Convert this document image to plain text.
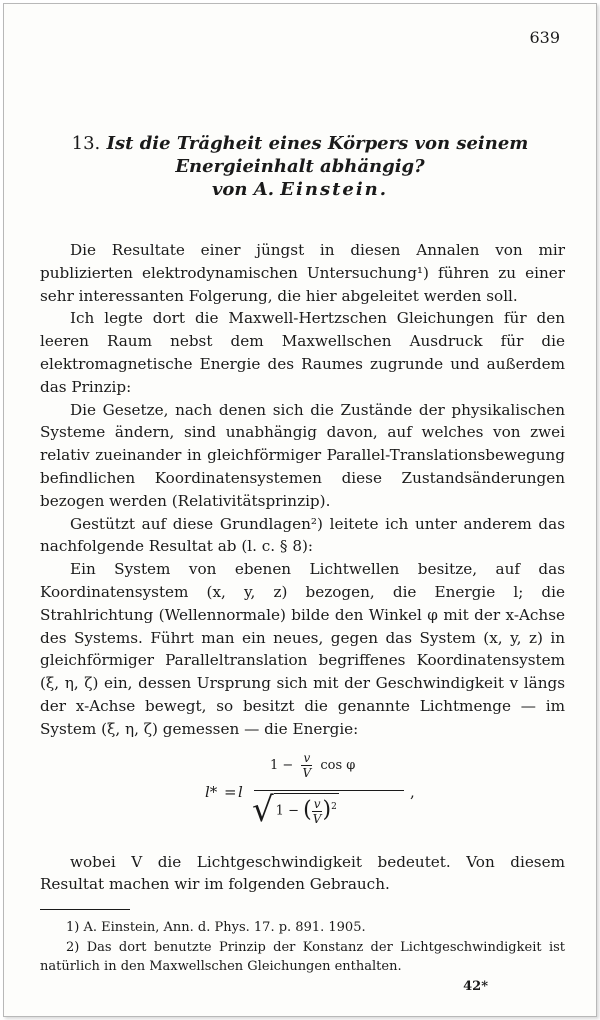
639
13. Ist die Trägheit eines Körpers von seinem
Energieinhalt abhängig?
von A. Einstein.

Die Resultate einer jüngst in diesen Annalen von mir publizierten elektrodynamischen Untersuchung¹) führen zu einer sehr interessanten Folgerung, die hier abgeleitet werden soll.

Ich legte dort die Maxwell-Hertzschen Gleichungen für den leeren Raum nebst dem Maxwellschen Ausdruck für die elektromagnetische Energie des Raumes zugrunde und außerdem das Prinzip:

Die Gesetze, nach denen sich die Zustände der physikalischen Systeme ändern, sind unabhängig davon, auf welches von zwei relativ zueinander in gleichförmiger Parallel-Translationsbewegung befindlichen Koordinatensystemen diese Zustandsänderungen bezogen werden (Relativitätsprinzip).

Gestützt auf diese Grundlagen²) leitete ich unter anderem das nachfolgende Resultat ab (l. c. § 8):

Ein System von ebenen Lichtwellen besitze, auf das Koordinatensystem (x, y, z) bezogen, die Energie l; die Strahlrichtung (Wellennormale) bilde den Winkel φ mit der x-Achse des Systems. Führt man ein neues, gegen das System (x, y, z) in gleichförmiger Paralleltranslation begriffenes Koordinatensystem (ξ, η, ζ) ein, dessen Ursprung sich mit der Geschwindigkeit v längs der x-Achse bewegt, so besitzt die genannte Lichtmenge — im System (ξ, η, ζ) gemessen — die Energie:

l* = l
$1 - \frac{v}{V}$ cos φ
√ 1 − ( $\frac{v}{V} )^2$
,

wobei V die Lichtgeschwindigkeit bedeutet. Von diesem Resultat machen wir im folgenden Gebrauch.

1) A. Einstein, Ann. d. Phys. 17. p. 891. 1905.

2) Das dort benutzte Prinzip der Konstanz der Lichtgeschwindigkeit ist natürlich in den Maxwellschen Gleichungen enthalten.

42*
